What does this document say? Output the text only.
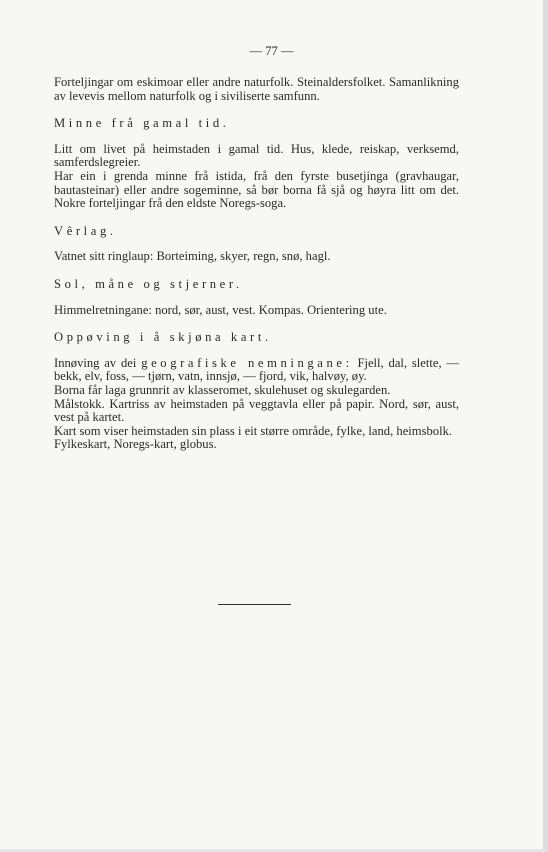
— 77 —

Forteljingar om eskimoar eller andre naturfolk. Steinaldersfolket. Samanlikning av levevis mellom naturfolk og i siviliserte samfunn.

Minne frå gamal tid.

Litt om livet på heimstaden i gamal tid. Hus, klede, reiskap, verksemd, samferdslegreier.

Har ein i grenda minne frå istida, frå den fyrste busetjinga (gravhaugar, bautasteinar) eller andre sogeminne, så bør borna få sjå og høyra litt om det. Nokre forteljingar frå den eldste Noregs-soga.

Vêrlag.

Vatnet sitt ringlaup: Borteiming, skyer, regn, snø, hagl.

Sol, måne og stjerner.

Himmelretningane: nord, sør, aust, vest. Kompas. Orientering ute.

Oppøving i å skjøna kart.

Innøving av dei geografiske nemningane: Fjell, dal, slette, — bekk, elv, foss, — tjørn, vatn, innsjø, — fjord, vik, halvøy, øy.

Borna får laga grunnrit av klasseromet, skulehuset og skulegarden.

Målstokk. Kartriss av heimstaden på veggtavla eller på papir. Nord, sør, aust, vest på kartet.

Kart som viser heimstaden sin plass i eit større område, fylke, land, heimsbolk.

Fylkeskart, Noregs-kart, globus.
